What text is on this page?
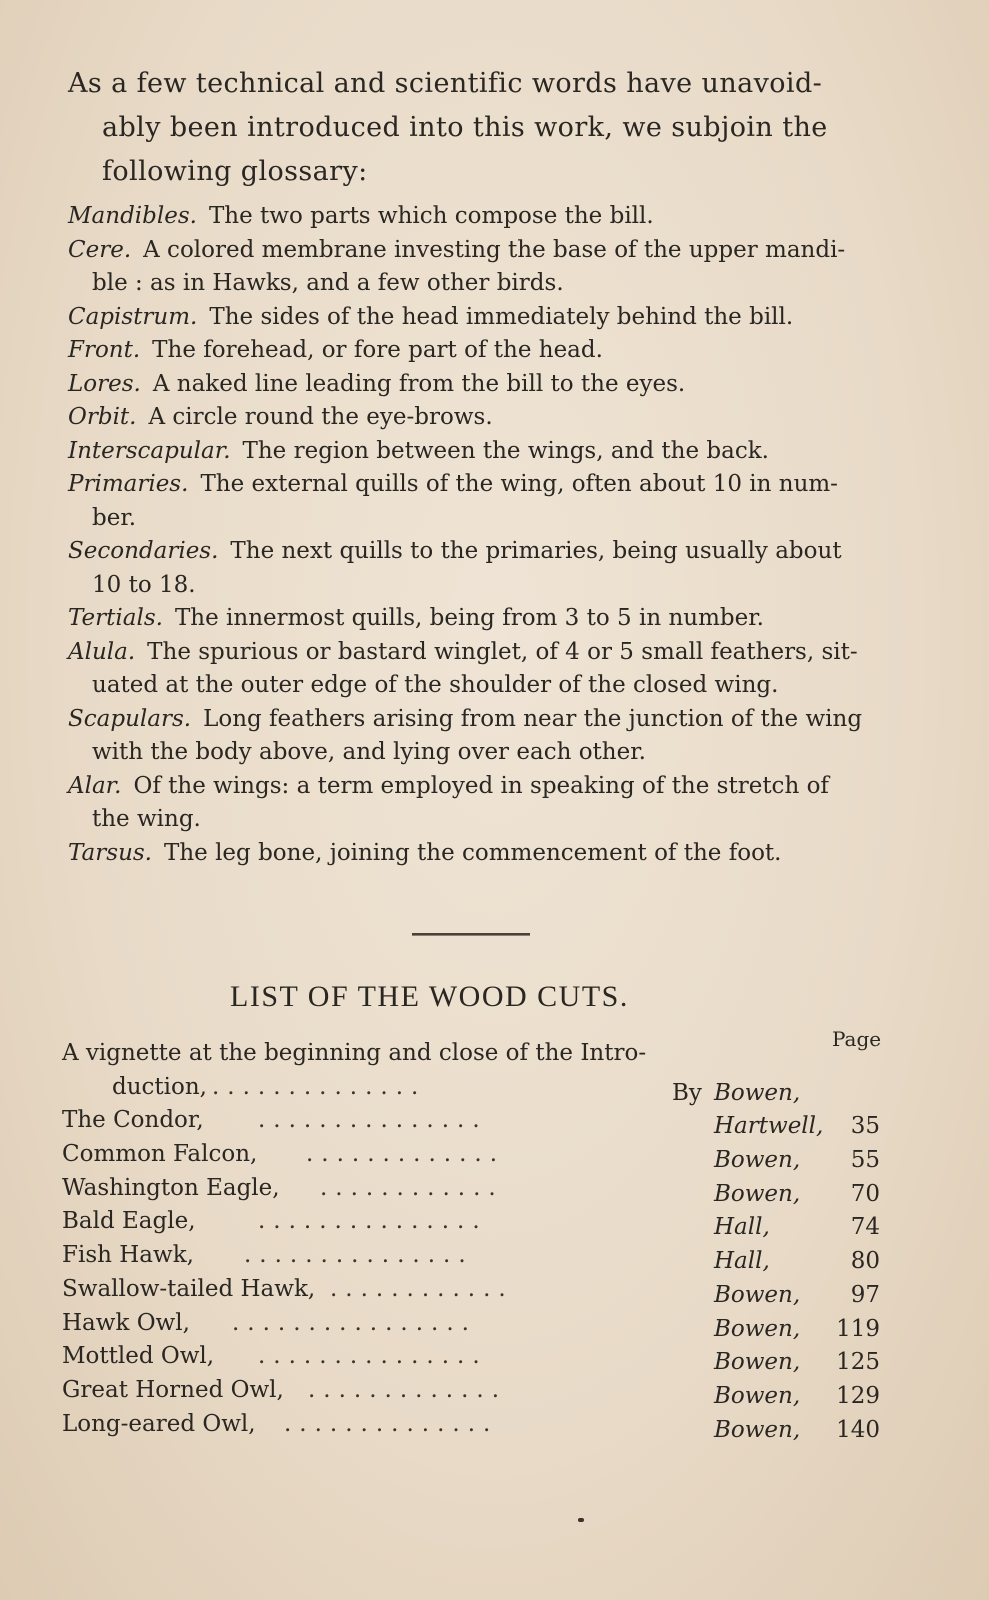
As a few technical and scientific words have unavoid-
ably been introduced into this work, we subjoin the
following glossary:

Mandibles. The two parts which compose the bill.

Cere. A colored membrane investing the base of the upper mandi-
ble : as in Hawks, and a few other birds.

Capistrum. The sides of the head immediately behind the bill.

Front. The forehead, or fore part of the head.

Lores. A naked line leading from the bill to the eyes.

Orbit. A circle round the eye-brows.

Interscapular. The region between the wings, and the back.

Primaries. The external quills of the wing, often about 10 in num-
ber.

Secondaries. The next quills to the primaries, being usually about
10 to 18.

Tertials. The innermost quills, being from 3 to 5 in number.

Alula. The spurious or bastard winglet, of 4 or 5 small feathers, sit-
uated at the outer edge of the shoulder of the closed wing.

Scapulars. Long feathers arising from near the junction of the wing
with the body above, and lying over each other.

Alar. Of the wings: a term employed in speaking of the stretch of
the wing.

Tarsus. The leg bone, joining the commencement of the foot.

LIST OF THE WOOD CUTS.
Page
A vignette at the beginning and close of the Intro-
duction, ..............	By Bowen,
The Condor, ...............	Hartwell, 35
Common Falcon, .............	Bowen, 55
Washington Eagle, ............	Bowen, 70
Bald Eagle,	...............	Hall,	74
Fish Hawk, ...............	Hall,	80
Swallow-tailed Hawk, ............	Bowen, 97
Hawk Owl, ................	Bowen, 119
Mottled Owl, ...............	Bowen, 125
Great Horned Owl, .............	Bowen, 129
Long-eared Owl, ..............	Bowen, 140
